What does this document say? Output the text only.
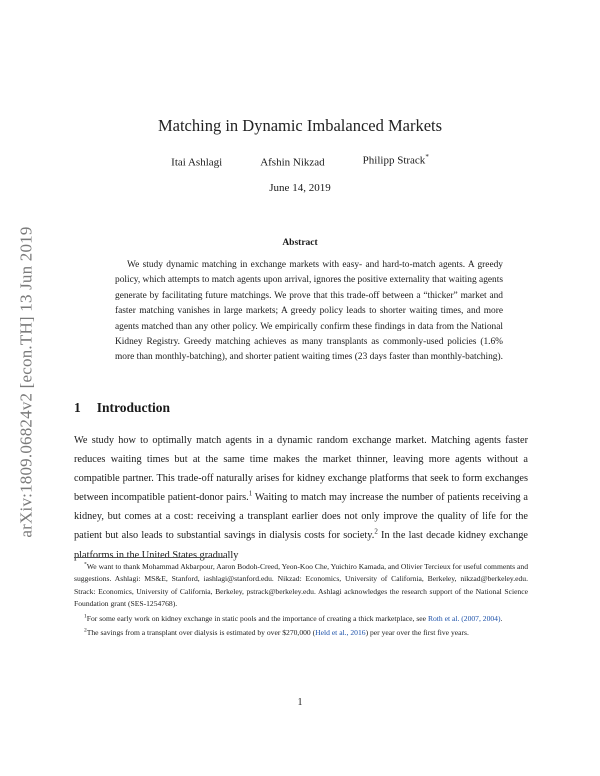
arXiv:1809.06824v2 [econ.TH] 13 Jun 2019
Matching in Dynamic Imbalanced Markets
Itai Ashlagi	Afshin Nikzad	Philipp Strack*
June 14, 2019
Abstract
We study dynamic matching in exchange markets with easy- and hard-to-match agents. A greedy policy, which attempts to match agents upon arrival, ignores the positive externality that waiting agents generate by facilitating future matchings. We prove that this trade-off between a “thicker” market and faster matching vanishes in large markets; A greedy policy leads to shorter waiting times, and more agents matched than any other policy. We empirically confirm these findings in data from the National Kidney Registry. Greedy matching achieves as many transplants as commonly-used policies (1.6% more than monthly-batching), and shorter patient waiting times (23 days faster than monthly-batching).
1 Introduction
We study how to optimally match agents in a dynamic random exchange market. Matching agents faster reduces waiting times but at the same time makes the market thinner, leaving more agents without a compatible partner. This trade-off naturally arises for kidney exchange platforms that seek to form exchanges between incompatible patient-donor pairs.$^1$ Waiting to match may increase the number of patients receiving a kidney, but comes at a cost: receiving a transplant earlier does not only improve the quality of life for the patient but also leads to substantial savings in dialysis costs for society.$^2$ In the last decade kidney exchange platforms in the United States gradually

*We want to thank Mohammad Akbarpour, Aaron Bodoh-Creed, Yeon-Koo Che, Yuichiro Kamada, and Olivier Tercieux for useful comments and suggestions. Ashlagi: MS&E, Stanford, iashlagi@stanford.edu. Nikzad: Economics, University of California, Berkeley, nikzad@berkeley.edu. Strack: Economics, University of California, Berkeley, pstrack@berkeley.edu. Ashlagi acknowledges the research support of the National Science Foundation grant (SES-1254768).

$^1$For some early work on kidney exchange in static pools and the importance of creating a thick marketplace, see Roth et al. (2007, 2004).

$^2$The savings from a transplant over dialysis is estimated by over $270,000 (Held et al., 2016) per year over the first five years.

1
